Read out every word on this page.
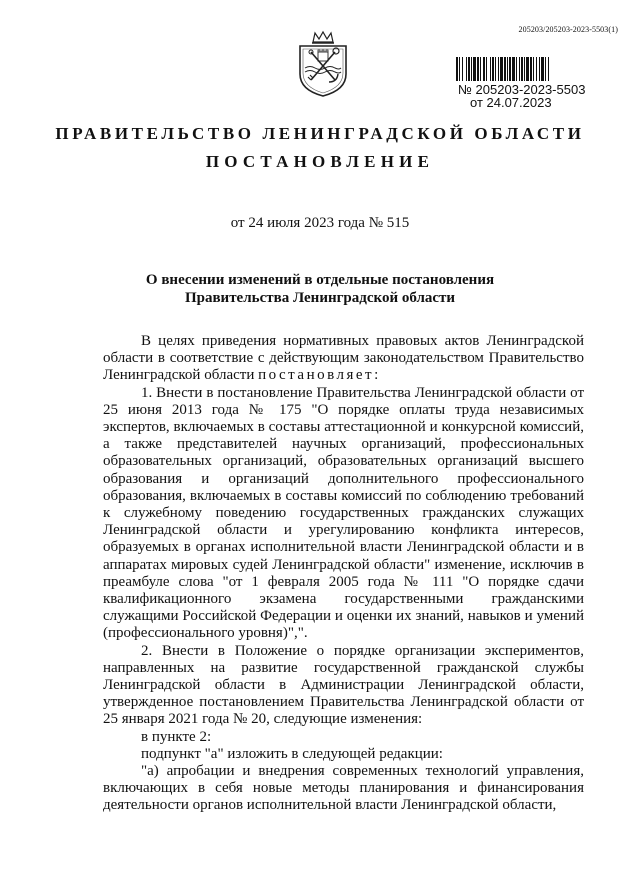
205203/205203-2023-5503(1)
№ 205203-2023-5503
от 24.07.2023
ПРАВИТЕЛЬСТВО ЛЕНИНГРАДСКОЙ ОБЛАСТИ
ПОСТАНОВЛЕНИЕ
от 24 июля 2023 года № 515
О внесении изменений в отдельные постановления
Правительства Ленинградской области

В целях приведения нормативных правовых актов Ленинградской области в соответствие с действующим законодательством Правительство Ленинградской области постановляет:

1. Внести в постановление Правительства Ленинградской области от 25 июня 2013 года № 175 "О порядке оплаты труда независимых экспертов, включаемых в составы аттестационной и конкурсной комиссий, а также представителей научных организаций, профессиональных образовательных организаций, образовательных организаций высшего образования и организаций дополнительного профессионального образования, включаемых в составы комиссий по соблюдению требований к служебному поведению государственных гражданских служащих Ленинградской области и урегулированию конфликта интересов, образуемых в органах исполнительной власти Ленинградской области и в аппаратах мировых судей Ленинградской области" изменение, исключив в преамбуле слова "от 1 февраля 2005 года № 111 "О порядке сдачи квалификационного экзамена государственными гражданскими служащими Российской Федерации и оценки их знаний, навыков и умений (профессионального уровня)",".

2. Внести в Положение о порядке организации экспериментов, направленных на развитие государственной гражданской службы Ленинградской области в Администрации Ленинградской области, утвержденное постановлением Правительства Ленинградской области от 25 января 2021 года № 20, следующие изменения:

в пункте 2:

подпункт "а" изложить в следующей редакции:

"а) апробации и внедрения современных технологий управления, включающих в себя новые методы планирования и финансирования деятельности органов исполнительной власти Ленинградской области,
